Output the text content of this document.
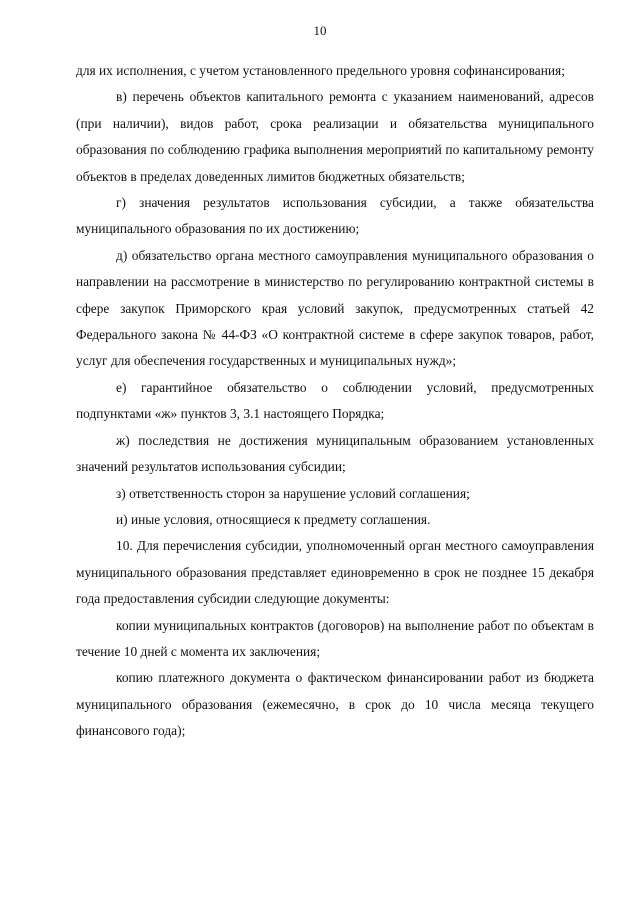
10

для их исполнения, с учетом установленного предельного уровня софинансирования;

в) перечень объектов капитального ремонта с указанием наименований, адресов (при наличии), видов работ, срока реализации и обязательства муниципального образования по соблюдению графика выполнения мероприятий по капитальному ремонту объектов в пределах доведенных лимитов бюджетных обязательств;

г) значения результатов использования субсидии, а также обязательства муниципального образования по их достижению;

д) обязательство органа местного самоуправления муниципального образования о направлении на рассмотрение в министерство по регулированию контрактной системы в сфере закупок Приморского края условий закупок, предусмотренных статьей 42 Федерального закона № 44-ФЗ «О контрактной системе в сфере закупок товаров, работ, услуг для обеспечения государственных и муниципальных нужд»;

е) гарантийное обязательство о соблюдении условий, предусмотренных подпунктами «ж» пунктов 3, 3.1 настоящего Порядка;

ж) последствия не достижения муниципальным образованием установленных значений результатов использования субсидии;

з) ответственность сторон за нарушение условий соглашения;

и) иные условия, относящиеся к предмету соглашения.

10. Для перечисления субсидии, уполномоченный орган местного самоуправления муниципального образования представляет единовременно в срок не позднее 15 декабря года предоставления субсидии следующие документы:

копии муниципальных контрактов (договоров) на выполнение работ по объектам в течение 10 дней с момента их заключения;

копию платежного документа о фактическом финансировании работ из бюджета муниципального образования (ежемесячно, в срок до 10 числа месяца текущего финансового года);
